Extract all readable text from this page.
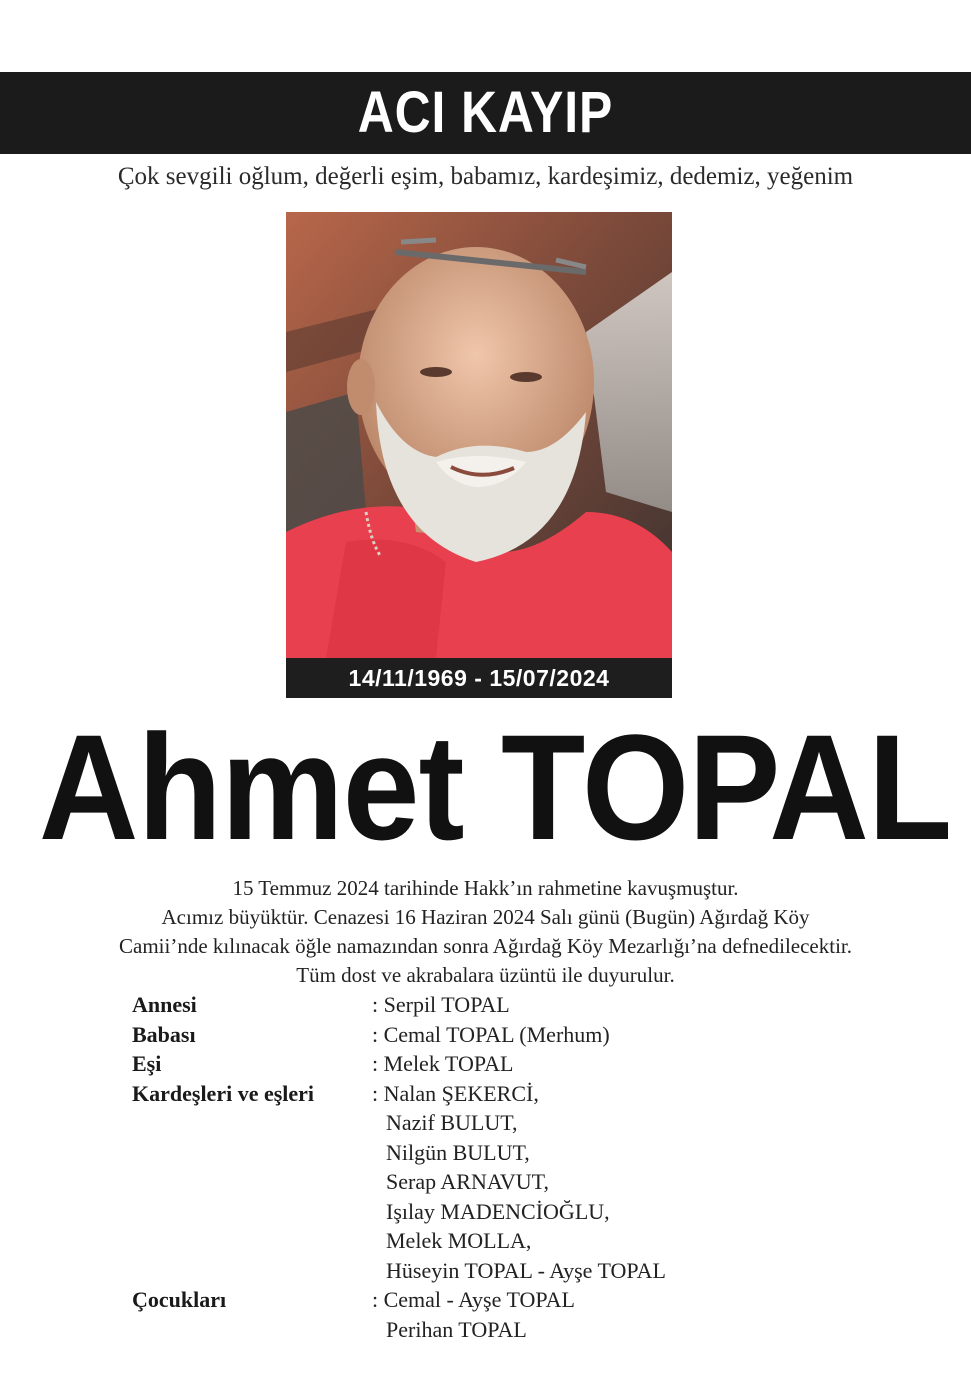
ACI KAYIP
Çok sevgili oğlum, değerli eşim, babamız, kardeşimiz, dedemiz, yeğenim
14/11/1969 - 15/07/2024
Ahmet TOPAL
15 Temmuz 2024 tarihinde Hakk’ın rahmetine kavuşmuştur.
Acımız büyüktür. Cenazesi 16 Haziran 2024 Salı günü (Bugün) Ağırdağ Köy
Camii’nde kılınacak öğle namazından sonra Ağırdağ Köy Mezarlığı’na defnedilecektir.
Tüm dost ve akrabalara üzüntü ile duyurulur.
Annesi	: Serpil TOPAL
Babası	: Cemal TOPAL (Merhum)
Eşi	: Melek TOPAL
Kardeşleri ve eşleri	: Nalan ŞEKERCİ,
Nazif BULUT,
Nilgün BULUT,
Serap ARNAVUT,
Işılay MADENCİOĞLU,
Melek MOLLA,
Hüseyin TOPAL - Ayşe TOPAL
Çocukları	: Cemal - Ayşe TOPAL
Perihan TOPAL
